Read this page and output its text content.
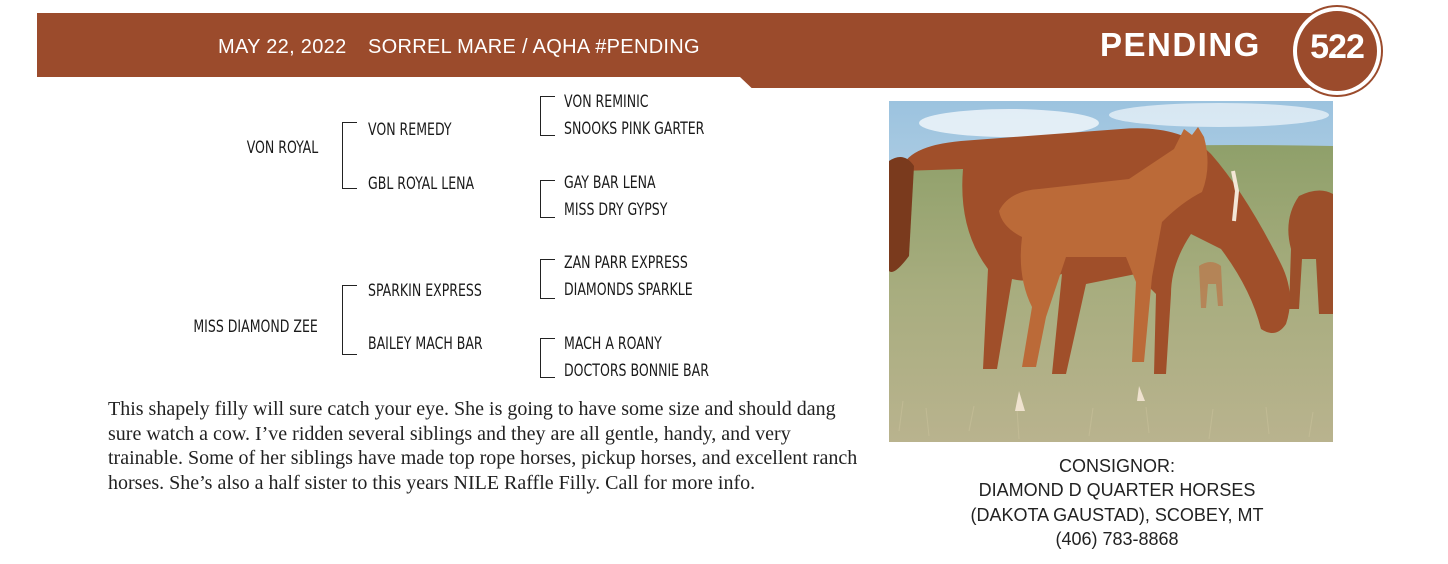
MAY 22, 2022 SORREL MARE / AQHA #PENDING	PENDING	522
VON ROYAL
MISS DIAMOND ZEE
VON REMEDY
GBL ROYAL LENA
SPARKIN EXPRESS
BAILEY MACH BAR
VON REMINIC
SNOOKS PINK GARTER
GAY BAR LENA
MISS DRY GYPSY
ZAN PARR EXPRESS
DIAMONDS SPARKLE
MACH A ROANY
DOCTORS BONNIE BAR
This shapely filly will sure catch your eye. She is going to have some size and should dang sure watch a cow. I’ve ridden several siblings and they are all gentle, handy, and very trainable. Some of her siblings have made top rope horses, pickup horses, and excellent ranch horses. She’s also a half sister to this years NILE Raffle Filly. Call for more info.
CONSIGNOR:
DIAMOND D QUARTER HORSES
(DAKOTA GAUSTAD), SCOBEY, MT
(406) 783-8868
